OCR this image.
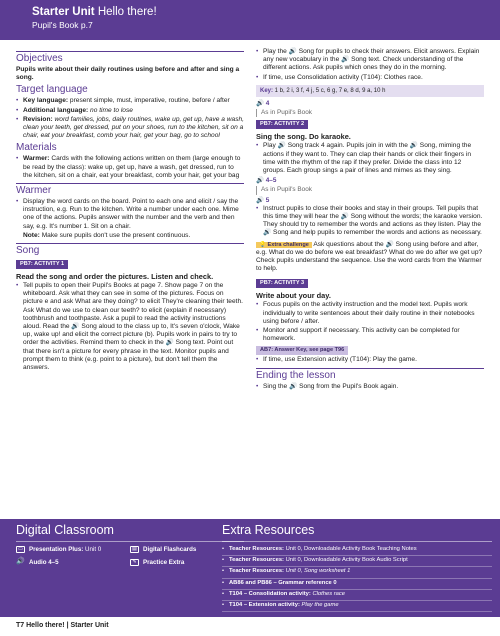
Starter Unit Hello there!
Pupil's Book p.7
Objectives

Pupils write about their daily routines using before and after and sing a song.

Target language
• Key language: present simple, must, imperative, routine, before / after
• Additional language: no time to lose
• Revision: word families, jobs, daily routines, wake up, get up, have a wash, clean your teeth, get dressed, put on your shoes, run to the kitchen, sit on a chair, eat your breakfast, comb your hair, get your bag, go to school
Materials
• Warmer: Cards with the following actions written on them (large enough to be read by the class): wake up, get up, have a wash, get dressed, run to the kitchen, sit on a chair, eat your breakfast, comb your hair, get your bag
Warmer
• Display the word cards on the board. Point to each one and elicit / say the instruction, e.g. Run to the kitchen. Write a number under each one. Mime one of the actions. Pupils answer with the number and the verb and then say, e.g. It's number 1. Sit on a chair.

Note: Make sure pupils don't use the present continuous.

Song
PB7: ACTIVITY 1
Read the song and order the pictures. Listen and check.
• Tell pupils to open their Pupil's Books at page 7. Show page 7 on the whiteboard. Ask what they can see in some of the pictures. Focus on picture e and ask What are they doing? to elicit They're cleaning their teeth. Ask What do we use to clean our teeth? to elicit (explain if necessary) toothbrush and toothpaste. Ask a pupil to read the activity instructions aloud. Read the 🔊 Song aloud to the class up to, It's seven o'clock, Wake up, wake up! and elicit the correct picture (b). Pupils work in pairs to try to order the activities. Remind them to check in the 🔊 Song text. Point out that there isn't a picture for every phrase in the text. Monitor pupils and prompt them to think (e.g. point to a picture), but don't tell them the answers.
• Play the 🔊 Song for pupils to check their answers. Elicit answers. Explain any new vocabulary in the 🔊 Song text. Check understanding of the different actions. Ask pupils which ones they do in the morning.
• If time, use Consolidation activity (T104): Clothes race.
Key: 1 b, 2 i, 3 f, 4 j, 5 c, 6 g, 7 e, 8 d, 9 a, 10 h
🔊 4
As in Pupil's Book
PB7: ACTIVITY 2
Sing the song. Do karaoke.
• Play 🔊 Song track 4 again. Pupils join in with the 🔊 Song, miming the actions if they want to. They can clap their hands or click their fingers in time with the rhythm of the rap if they prefer. Divide the class into 12 groups. Each group sings a pair of lines and mimes as they sing.
🔊 4–5
As in Pupil's Book
🔊 5
• Instruct pupils to close their books and stay in their groups. Tell pupils that this time they will hear the 🔊 Song without the words; the karaoke version. They should try to remember the words and actions as they listen. Play the 🔊 Song and help pupils to remember the words and actions as necessary.

💡 Extra challenge Ask questions about the 🔊 Song using before and after, e.g. What do we do before we eat breakfast? What do we do after we get up? Check pupils understand the sequence. Use the word cards from the Warmer to help.

PB7: ACTIVITY 3
Write about your day.
• Focus pupils on the activity instruction and the model text. Pupils work individually to write sentences about their daily routine in their notebooks using before / after.
• Monitor and support if necessary. This activity can be completed for homework.
AB7: Answer Key, see page T96
• If time, use Extension activity (T104): Play the game.
Ending the lesson
• Sing the 🔊 Song from the Pupil's Book again.
Digital Classroom
▭ Presentation Plus: Unit 0	▤ Digital Flashcards
🔊 Audio 4–5	✎	Practice Extra
Extra Resources
• Teacher Resources: Unit 0, Downloadable Activity Book Teaching Notes
• Teacher Resources: Unit 0, Downloadable Activity Book Audio Script
• Teacher Resources: Unit 0, Song worksheet 1
• AB86 and PB86 – Grammar reference 0
• T104 – Consolidation activity: Clothes race
• T104 – Extension activity: Play the game
T7 Hello there! | Starter Unit
